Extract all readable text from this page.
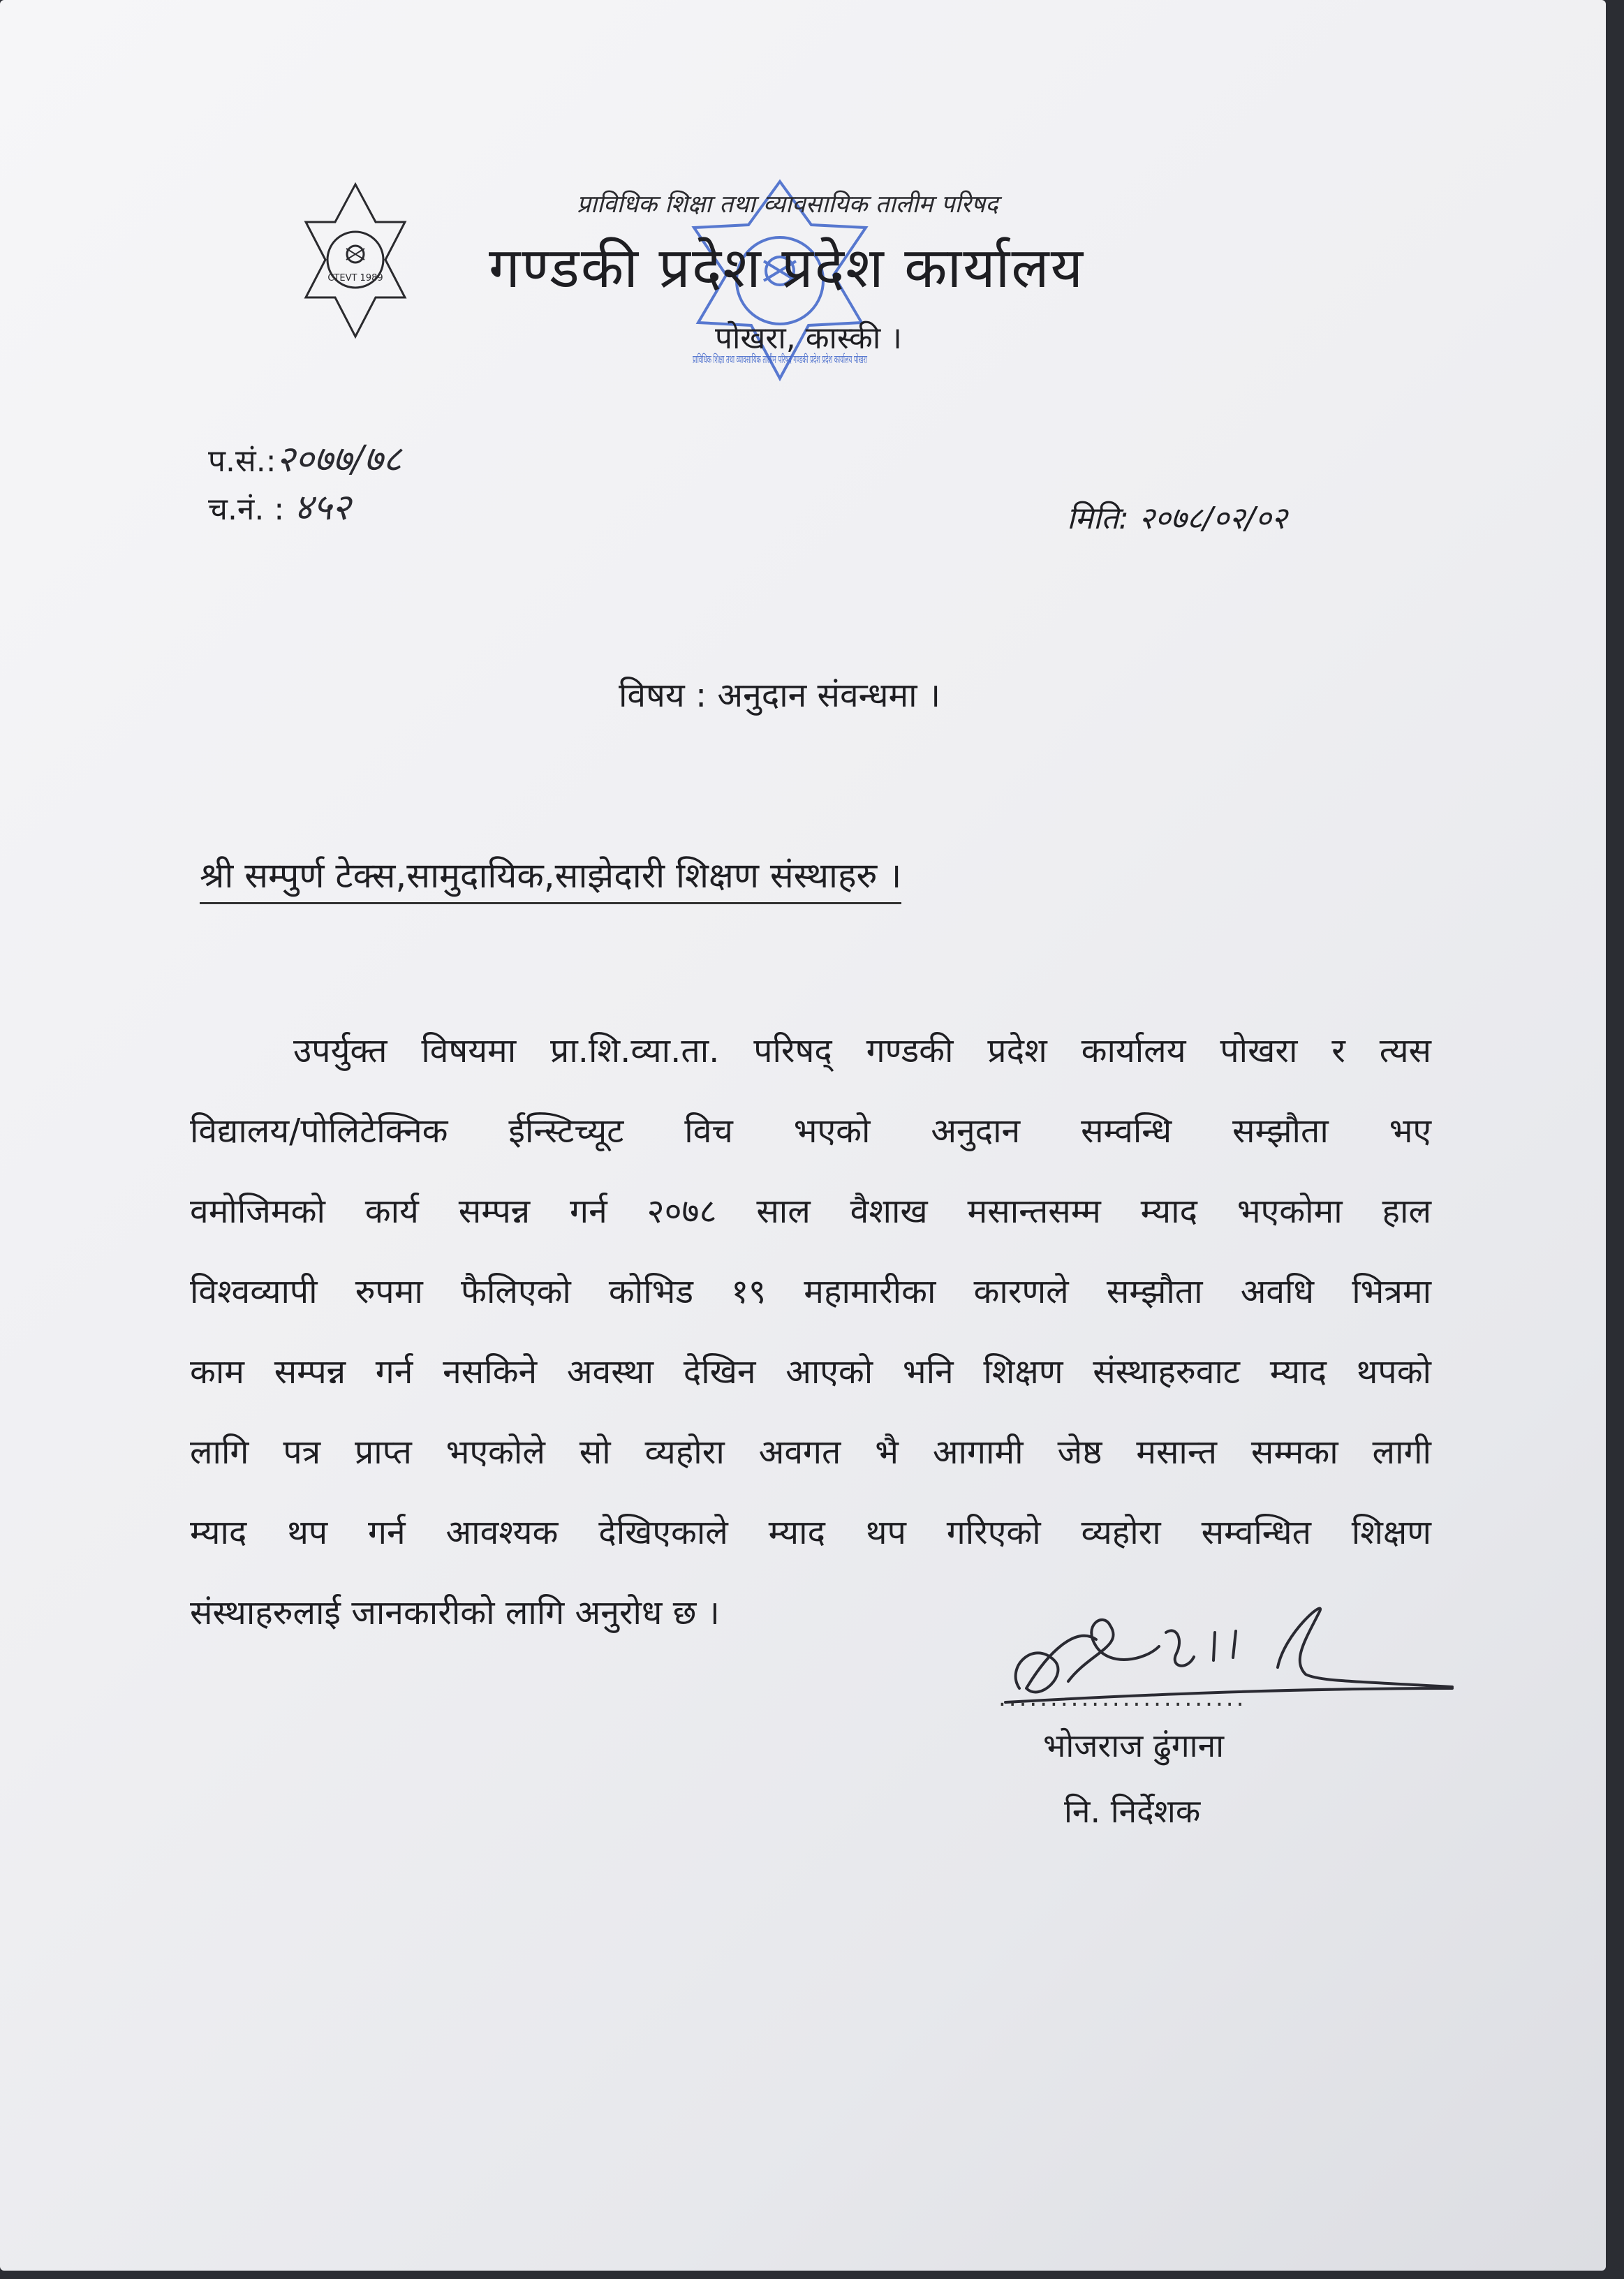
CTEVT 1989
प्राविधिक शिक्षा तथा व्यावसायिक तालीम परिषद गण्डकी प्रदेश प्रदेश कार्यालय पोखरा
प्राविधिक शिक्षा तथा व्यावसायिक तालीम परिषद
गण्डकी प्रदेश प्रदेश कार्यालय
पोखरा, कास्की ।
प.सं.:२०७७/७८
च.नं. : ४५२	मिति: २०७८/०२/०२
विषय : अनुदान संवन्धमा ।
श्री सम्पुर्ण टेक्स,सामुदायिक,साझेदारी शिक्षण संस्थाहरु ।
उपर्युक्त विषयमा प्रा.शि.व्या.ता. परिषद् गण्डकी प्रदेश कार्यालय पोखरा र त्यस
विद्यालय/पोलिटेक्निक ईन्स्टिच्यूट विच भएको अनुदान सम्वन्धि सम्झौता भए
वमोजिमको कार्य सम्पन्न गर्न २०७८ साल वैशाख मसान्तसम्म म्याद भएकोमा हाल
विश्वव्यापी रुपमा फैलिएको कोभिड १९ महामारीका कारणले सम्झौता अवधि भित्रमा
काम सम्पन्न गर्न नसकिने अवस्था देखिन आएको भनि शिक्षण संस्थाहरुवाट म्याद थपको
लागि पत्र प्राप्त भएकोले सो व्यहोरा अवगत भै आगामी जेष्ठ मसान्त सम्मका लागी
म्याद थप गर्न आवश्यक देखिएकाले म्याद थप गरिएको व्यहोरा सम्वन्धित शिक्षण
संस्थाहरुलाई जानकारीको लागि अनुरोध छ ।
........................
भोजराज ढुंगाना
नि. निर्देशक
